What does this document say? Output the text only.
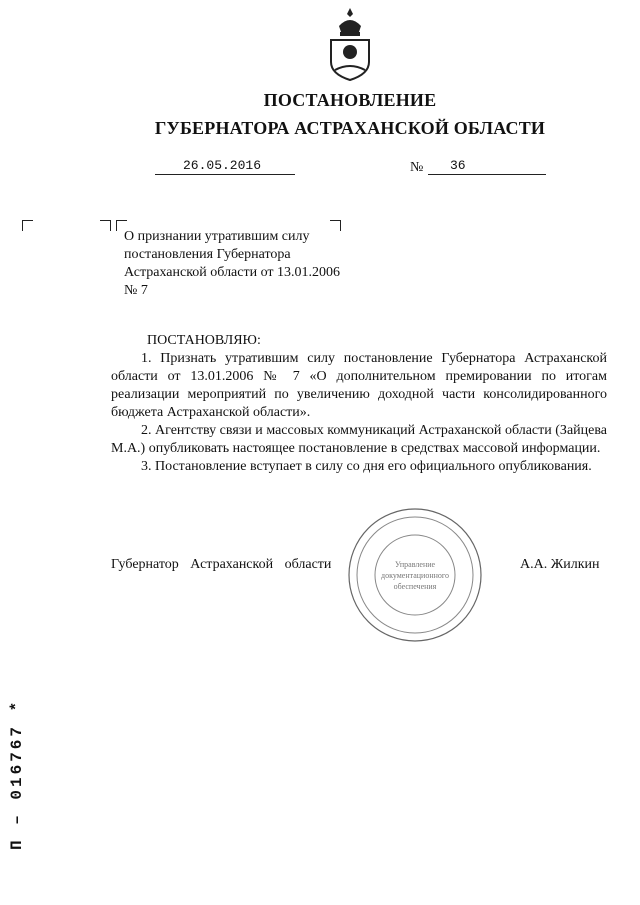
ПОСТАНОВЛЕНИЕ
ГУБЕРНАТОРА АСТРАХАНСКОЙ ОБЛАСТИ
26.05.2016	№ 36
О признании утратившим силу постановления Губернатора Астраханской области от 13.01.2006 № 7
ПОСТАНОВЛЯЮ:

1. Признать утратившим силу постановление Губернатора Астраханской области от 13.01.2006 № 7 «О дополнительном премировании по итогам реализации мероприятий по увеличению доходной части консолидированного бюджета Астраханской области».

2. Агентству связи и массовых коммуникаций Астраханской области (Зайцева М.А.) опубликовать настоящее постановление в средствах массовой информации.

3. Постановление вступает в силу со дня его официального опубликования.

Губернатор Астраханской области	А.А. Жилкин
Управление
документационного
обеспечения
П – 016767 *
